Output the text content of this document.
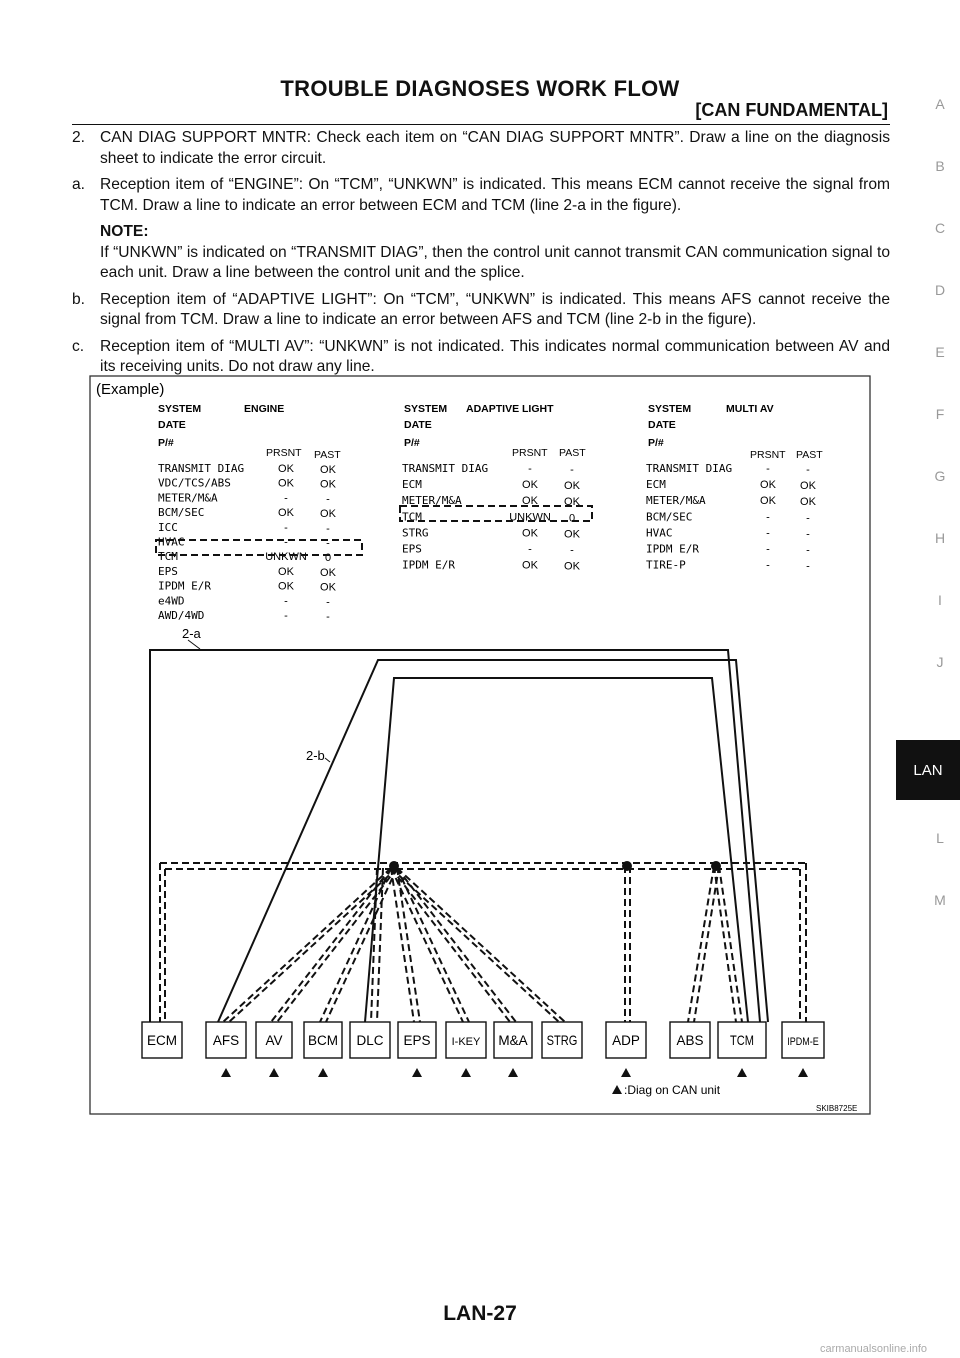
TROUBLE DIAGNOSES WORK FLOW
[CAN FUNDAMENTAL]
2. CAN DIAG SUPPORT MNTR: Check each item on “CAN DIAG SUPPORT MNTR”. Draw a line on the diagnosis sheet to indicate the error circuit.
a. Reception item of “ENGINE”: On “TCM”, “UNKWN” is indicated. This means ECM cannot receive the signal from TCM. Draw a line to indicate an error between ECM and TCM (line 2-a in the figure).
NOTE:
If “UNKWN” is indicated on “TRANSMIT DIAG”, then the control unit cannot transmit CAN communication signal to each unit. Draw a line between the control unit and the splice.
b. Reception item of “ADAPTIVE LIGHT”: On “TCM”, “UNKWN” is indicated. This means AFS cannot receive the signal from TCM. Draw a line to indicate an error between AFS and TCM (line 2-b in the figure).
c.	Reception item of “MULTI AV”: “UNKWN” is not indicated. This indicates normal communication between AV and its receiving units. Do not draw any line.
(Example)
SYSTEM	ENGINE
DATE
P/#
PRSNT PAST
TRANSMIT DIAG	OK OK
VDC/TCS/ABS	OK OK
METER/M&A	-	-
BCM/SEC	OK OK
ICC	-	-
HVAC	-	-
TCM	UNKWN 0
EPS	OK OK
IPDM E/R	OK OK
e4WD	-	-
AWD/4WD	-	-
SYSTEM ADAPTIVE LIGHT
DATE
P/#
PRSNT PAST
TRANSMIT DIAG	-	-
ECM	OK OK
METER/M&A	OK OK
TCM	UNKWN 0
STRG	OK OK
EPS	-	-
IPDM E/R	OK OK
SYSTEM	MULTI AV
DATE
P/#
PRSNT PAST
TRANSMIT DIAG	-	-
ECM	OK OK
METER/M&A	OK OK
BCM/SEC	-	-
HVAC	-	-
IPDM E/R	-	-
TIRE-P	-	-
2-a
2-b
ECM	AFS AV BCM DLC EPS I-KEY M&A STRG	ADP	ABS TCM	IPDM-E
:Diag on CAN unit
SKIB8725E
A
B
C
D
E
F
G
H
I
J
LAN
L
M
LAN-27
carmanualsonline.info
